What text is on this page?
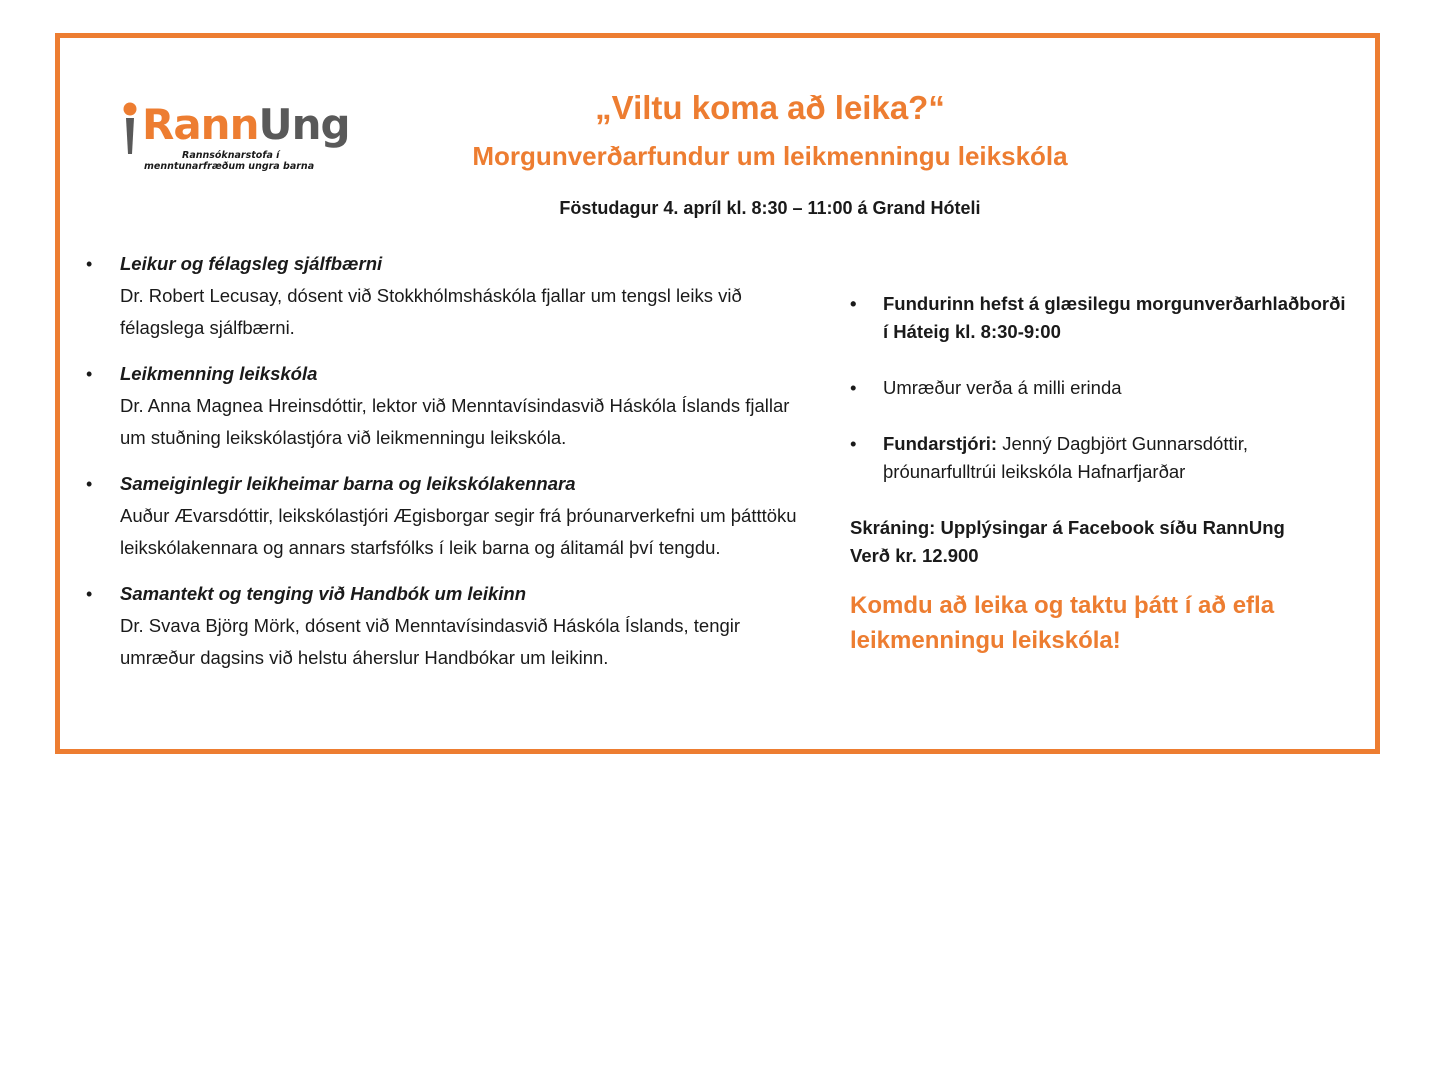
RannUng
Rannsóknarstofa í
menntunarfræðum ungra barna
„Viltu koma að leika?“
Morgunverðarfundur um leikmenningu leikskóla
Föstudagur 4. apríl kl. 8:30 – 11:00 á Grand Hóteli
• Leikur og félagsleg sjálfbærni
Dr. Robert Lecusay, dósent við Stokkhólmsháskóla fjallar um tengsl leiks við félagslega sjálfbærni.
• Leikmenning leikskóla
Dr. Anna Magnea Hreinsdóttir, lektor við Menntavísindasvið Háskóla Íslands fjallar um stuðning leikskólastjóra við leikmenningu leikskóla.
• Sameiginlegir leikheimar barna og leikskólakennara
Auður Ævarsdóttir, leikskólastjóri Ægisborgar segir frá þróunarverkefni um þátttöku leikskólakennara og annars starfsfólks í leik barna og álitamál því tengdu.
• Samantekt og tenging við Handbók um leikinn
Dr. Svava Björg Mörk, dósent við Menntavísindasvið Háskóla Íslands, tengir umræður dagsins við helstu áherslur Handbókar um leikinn.
• Fundurinn hefst á glæsilegu morgunverðarhlaðborði í Háteig kl. 8:30-9:00
• Umræður verða á milli erinda
• Fundarstjóri: Jenný Dagbjört Gunnarsdóttir, þróunarfulltrúi leikskóla Hafnarfjarðar
Skráning: Upplýsingar á Facebook síðu RannUng
Verð kr. 12.900
Komdu að leika og taktu þátt í að efla leikmenningu leikskóla!
